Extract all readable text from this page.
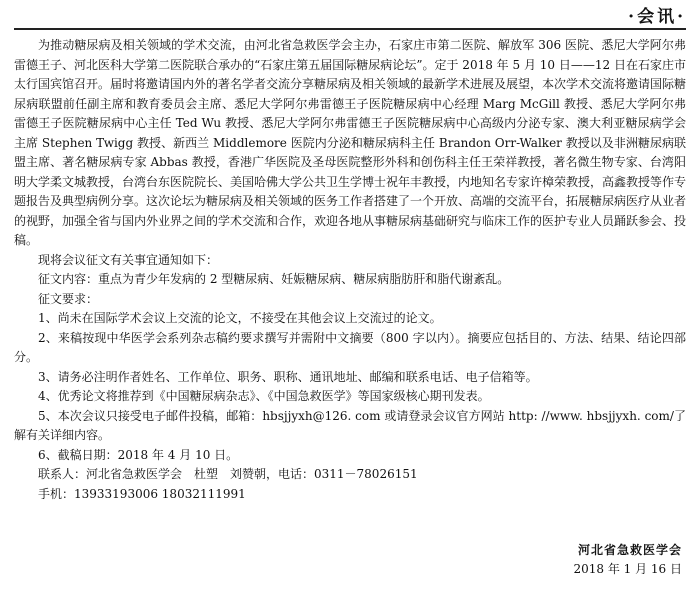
·会讯·

为推动糖尿病及相关领域的学术交流，由河北省急救医学会主办，石家庄市第二医院、解放军 306 医院、悉尼大学阿尔弗雷德王子、河北医科大学第二医院联合承办的“石家庄第五届国际糖尿病论坛”。定于 2018 年 5 月 10 日——12 日在石家庄市太行国宾馆召开。届时将邀请国内外的著名学者交流分享糖尿病及相关领域的最新学术进展及展望，本次学术交流将邀请国际糖尿病联盟前任副主席和教育委员会主席、悉尼大学阿尔弗雷德王子医院糖尿病中心经理 Marg McGill 教授、悉尼大学阿尔弗雷德王子医院糖尿病中心主任 Ted Wu 教授、悉尼大学阿尔弗雷德王子医院糖尿病中心高级内分泌专家、澳大利亚糖尿病学会主席 Stephen Twigg 教授、新西兰 Middlemore 医院内分泌和糖尿病科主任 Brandon Orr-Walker 教授以及非洲糖尿病联盟主席、著名糖尿病专家 Abbas 教授，香港广华医院及圣母医院整形外科和创伤科主任王荣祥教授，著名微生物专家、台湾阳明大学柔文城教授，台湾台东医院院长、美国哈佛大学公共卫生学博士祝年丰教授，内地知名专家许樟荣教授，高鑫教授等作专题报告及典型病例分享。这次论坛为糖尿病及相关领域的医务工作者搭建了一个开放、高端的交流平台，拓展糖尿病医疗从业者的视野，加强全省与国内外业界之间的学术交流和合作，欢迎各地从事糖尿病基础研究与临床工作的医护专业人员踊跃参会、投稿。

现将会议征文有关事宜通知如下：

征文内容：重点为青少年发病的 2 型糖尿病、妊娠糖尿病、糖尿病脂肪肝和脂代谢紊乱。

征文要求：

1、尚未在国际学术会议上交流的论文，不接受在其他会议上交流过的论文。

2、来稿按现中华医学会系列杂志稿约要求撰写并需附中文摘要（800 字以内）。摘要应包括目的、方法、结果、结论四部分。

3、请务必注明作者姓名、工作单位、职务、职称、通讯地址、邮编和联系电话、电子信箱等。

4、优秀论文将推荐到《中国糖尿病杂志》、《中国急救医学》等国家级核心期刊发表。

5、本次会议只接受电子邮件投稿，邮箱：hbsjjyxh@126. com 或请登录会议官方网站 http: //www. hbsjjyxh. com/了解有关详细内容。

6、截稿日期：2018 年 4 月 10 日。

联系人：河北省急救医学会　杜塑　刘赞朝，电话：0311－78026151

手机：13933193006 18032111991

河北省急救医学会
2018 年 1 月 16 日
